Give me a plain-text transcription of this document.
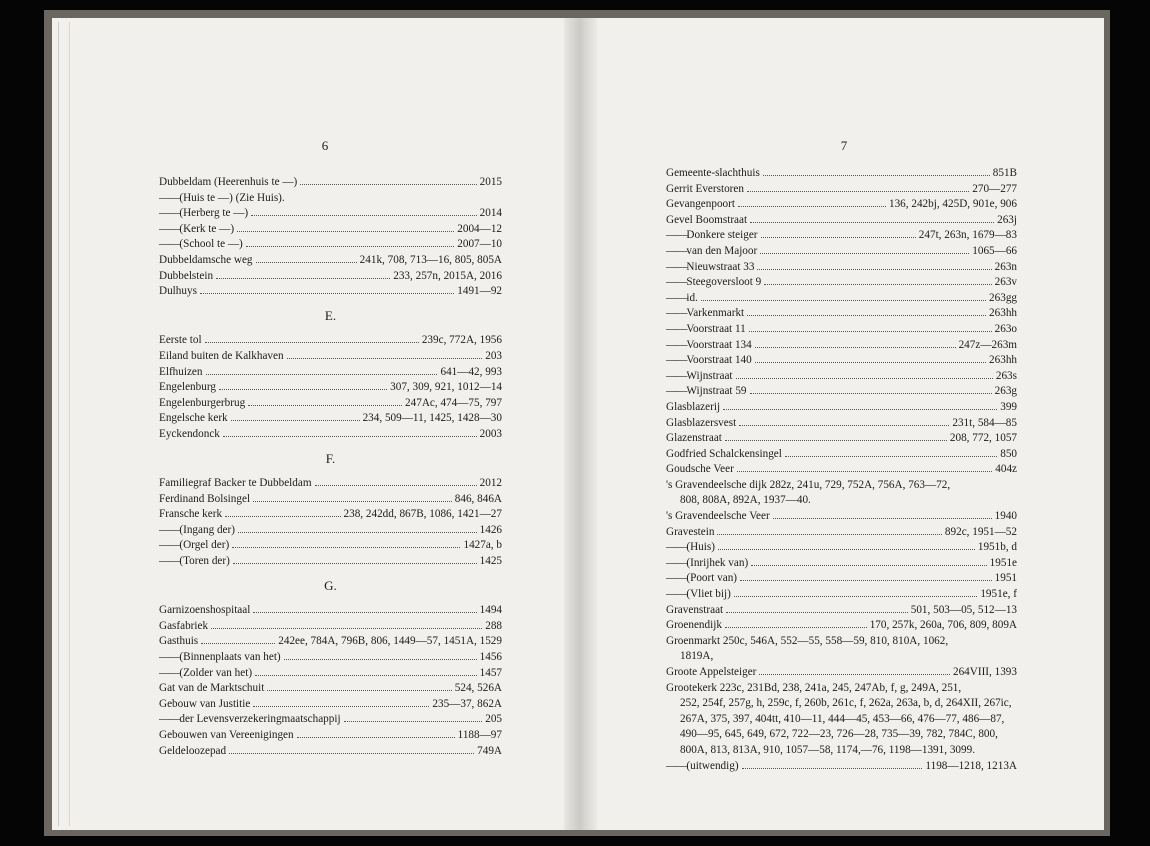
6
Dubbeldam (Heerenhuis te —)	2015
—— (Huis te —) (Zie Huis).
—— (Herberg te —)	2014
—— (Kerk te —)	2004—12
—— (School te —)	2007—10
Dubbeldamsche weg	241k, 708, 713—16, 805, 805A
Dubbelstein	233, 257n, 2015A, 2016
Dulhuys	1491—92
E.
Eerste tol	239c, 772A, 1956
Eiland buiten de Kalkhaven	203
Elfhuizen	641—42, 993
Engelenburg	307, 309, 921, 1012—14
Engelenburgerbrug	247Ac, 474—75, 797
Engelsche kerk	234, 509—11, 1425, 1428—30
Eyckendonck	2003
F.
Familiegraf Backer te Dubbeldam	2012
Ferdinand Bolsingel	846, 846A
Fransche kerk	238, 242dd, 867B, 1086, 1421—27
—— (Ingang der)	1426
—— (Orgel der)	1427a, b
—— (Toren der)	1425
G.
Garnizoenshospitaal	1494
Gasfabriek	288
Gasthuis	242ee, 784A, 796B, 806, 1449—57, 1451A, 1529
—— (Binnenplaats van het)	1456
—— (Zolder van het)	1457
Gat van de Marktschuit	524, 526A
Gebouw van Justitie	235—37, 862A
—— der Levensverzekeringmaatschappij	205
Gebouwen van Vereenigingen	1188—97
Geldeloozepad	749A
7
Gemeente-slachthuis	851B
Gerrit Everstoren	270—277
Gevangenpoort	136, 242bj, 425D, 901e, 906
Gevel Boomstraat	263j
—— Donkere steiger	247t, 263n, 1679—83
—— van den Majoor	1065—66
—— Nieuwstraat 33	263n
—— Steegoversloot 9	263v
—— id.	263gg
—— Varkenmarkt	263hh
—— Voorstraat 11	263o
—— Voorstraat 134	247z—263m
—— Voorstraat 140	263hh
—— Wijnstraat	263s
—— Wijnstraat 59	263g
Glasblazerij	399
Glasblazersvest	231t, 584—85
Glazenstraat	208, 772, 1057
Godfried Schalckensingel	850
Goudsche Veer	404z
's Gravendeelsche dijk 282z, 241u, 729, 752A, 756A, 763—72,
808, 808A, 892A, 1937—40.
's Gravendeelsche Veer	1940
Gravestein	892c, 1951—52
—— (Huis)	1951b, d
—— (Inrijhek van)	1951e
—— (Poort van)	1951
—— (Vliet bij)	1951e, f
Gravenstraat	501, 503—05, 512—13
Groenendijk	170, 257k, 260a, 706, 809, 809A
Groenmarkt 250c, 546A, 552—55, 558—59, 810, 810A, 1062,
1819A,
Groote Appelsteiger	264VIII, 1393
Grootekerk 223c, 231Bd, 238, 241a, 245, 247Ab, f, g, 249A, 251,
252, 254f, 257g, h, 259c, f, 260b, 261c, f, 262a, 263a, b, d, 264XII, 267ic, 267A, 375, 397, 404tt, 410—11, 444—45, 453—66, 476—77, 486—87, 490—95, 645, 649, 672, 722—23, 726—28, 735—39, 782, 784C, 800, 800A, 813, 813A, 910, 1057—58, 1174,—76, 1198—1391, 3099.
—— (uitwendig)	1198—1218, 1213A
